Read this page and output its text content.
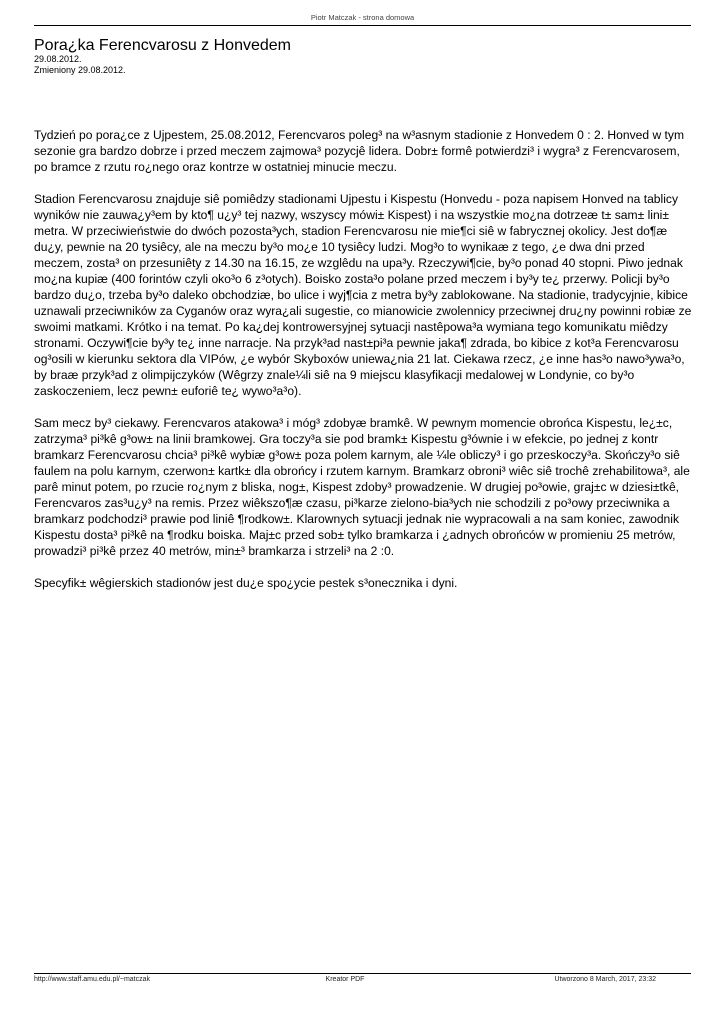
Piotr Matczak - strona domowa
Pora¿ka Ferencvarosu z Honvedem
29.08.2012.
Zmieniony 29.08.2012.

Tydzień po pora¿ce z Ujpestem, 25.08.2012, Ferencvaros poleg³ na w³asnym stadionie z Honvedem 0 : 2. Honved w tym sezonie gra bardzo dobrze i przed meczem zajmowa³ pozycjê lidera. Dobr± formê potwierdzi³ i wygra³ z Ferencvarosem, po bramce z rzutu ro¿nego oraz kontrze w ostatniej minucie meczu.

Stadion Ferencvarosu znajduje siê pomiêdzy stadionami Ujpestu i Kispestu (Honvedu - poza napisem Honved na tablicy wyników nie zauwa¿y³em by kto¶ u¿y³ tej nazwy, wszyscy mówi± Kispest) i na wszystkie mo¿na dotrzeæ t± sam± lini± metra. W przeciwieństwie do dwóch pozosta³ych, stadion Ferencvarosu nie mie¶ci siê w fabrycznej okolicy. Jest do¶æ du¿y, pewnie na 20 tysiêcy, ale na meczu by³o mo¿e 10 tysiêcy ludzi. Mog³o to wynikaæ z tego, ¿e dwa dni przed meczem, zosta³ on przesuniêty z 14.30 na 16.15, ze wzglêdu na upa³y. Rzeczywi¶cie, by³o ponad 40 stopni. Piwo jednak mo¿na kupiæ (400 forintów czyli oko³o 6 z³otych). Boisko zosta³o polane przed meczem i by³y te¿ przerwy. Policji by³o bardzo du¿o, trzeba by³o daleko obchodziæ, bo ulice i wyj¶cia z metra by³y zablokowane. Na stadionie, tradycyjnie, kibice uznawali przeciwników za Cyganów oraz wyra¿ali sugestie, co mianowicie zwolennicy przeciwnej dru¿ny powinni robiæ ze swoimi matkami. Krótko i na temat. Po ka¿dej kontrowersyjnej sytuacji nastêpowa³a wymiana tego komunikatu miêdzy stronami. Oczywi¶cie by³y te¿ inne narracje. Na przyk³ad nast±pi³a pewnie jaka¶ zdrada, bo kibice z kot³a Ferencvarosu og³osili w kierunku sektora dla VIPów, ¿e wybór Skyboxów uniewa¿nia 21 lat. Ciekawa rzecz, ¿e inne has³o nawo³ywa³o, by braæ przyk³ad z olimpijczyków (Wêgrzy znale¼li siê na 9 miejscu klasyfikacji medalowej w Londynie, co by³o zaskoczeniem, lecz pewn± euforiê te¿ wywo³a³o).

Sam mecz by³ ciekawy. Ferencvaros atakowa³ i móg³ zdobyæ bramkê. W pewnym momencie obrońca Kispestu, le¿±c, zatrzyma³ pi³kê g³ow± na linii bramkowej. Gra toczy³a sie pod bramk± Kispestu g³ównie i w efekcie, po jednej z kontr bramkarz Ferencvarosu chcia³ pi³kê wybiæ g³ow± poza polem karnym, ale ¼le obliczy³ i go przeskoczy³a. Skończy³o siê faulem na polu karnym, czerwon± kartk± dla obrońcy i rzutem karnym. Bramkarz obroni³ wiêc siê trochê zrehabilitowa³, ale parê minut potem, po rzucie ro¿nym z bliska, nog±, Kispest zdoby³ prowadzenie. W drugiej po³owie, graj±c w dziesi±tkê, Ferencvaros zas³u¿y³ na remis. Przez wiêkszo¶æ czasu, pi³karze zielono-bia³ych nie schodzili z po³owy przeciwnika a bramkarz podchodzi³ prawie pod liniê ¶rodkow±. Klarownych sytuacji jednak nie wypracowali a na sam koniec, zawodnik Kispestu dosta³ pi³kê na ¶rodku boiska. Maj±c przed sob± tylko bramkarza i ¿adnych obrońców w promieniu 25 metrów, prowadzi³ pi³kê przez 40 metrów, min±³ bramkarza i strzeli³ na 2 :0.

Specyfik± wêgierskich stadionów jest du¿e spo¿ycie pestek s³onecznika i dyni.

http://www.staff.amu.edu.pl/~matczak	Kreator PDF	Utworzono 8 March, 2017, 23:32
